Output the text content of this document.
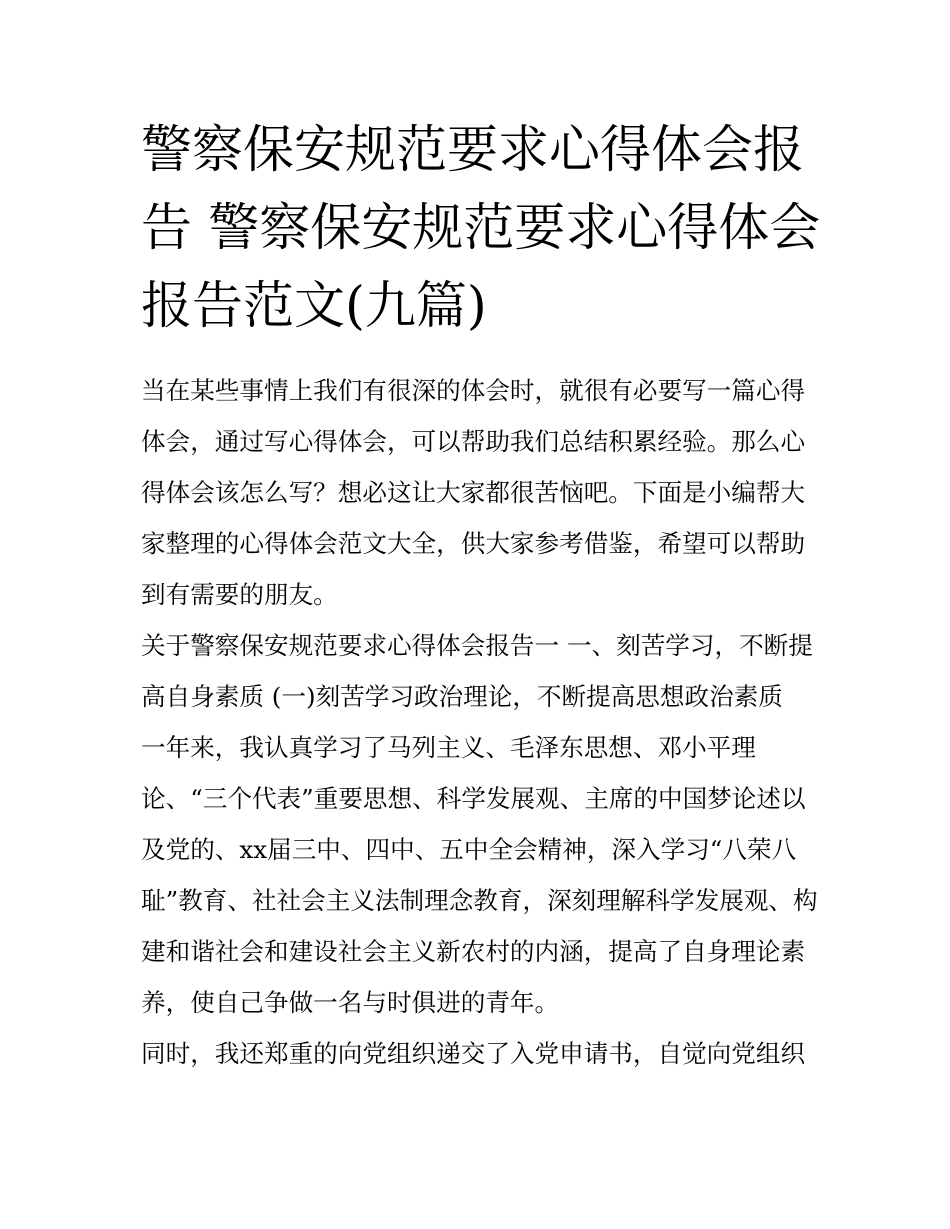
警察保安规范要求心得体会报告 警察保安规范要求心得体会报告范文(九篇)

当在某些事情上我们有很深的体会时，就很有必要写一篇心得体会，通过写心得体会，可以帮助我们总结积累经验。那么心得体会该怎么写？想必这让大家都很苦恼吧。下面是小编帮大家整理的心得体会范文大全，供大家参考借鉴，希望可以帮助到有需要的朋友。

关于警察保安规范要求心得体会报告一 一、刻苦学习，不断提高自身素质 (一)刻苦学习政治理论，不断提高思想政治素质

一年来，我认真学习了马列主义、毛泽东思想、邓小平理论、“三个代表”重要思想、科学发展观、主席的中国梦论述以及党的、xx届三中、四中、五中全会精神，深入学习“八荣八耻”教育、社社会主义法制理念教育，深刻理解科学发展观、构建和谐社会和建设社会主义新农村的内涵，提高了自身理论素养，使自己争做一名与时俱进的青年。

同时，我还郑重的向党组织递交了入党申请书，自觉向党组织
